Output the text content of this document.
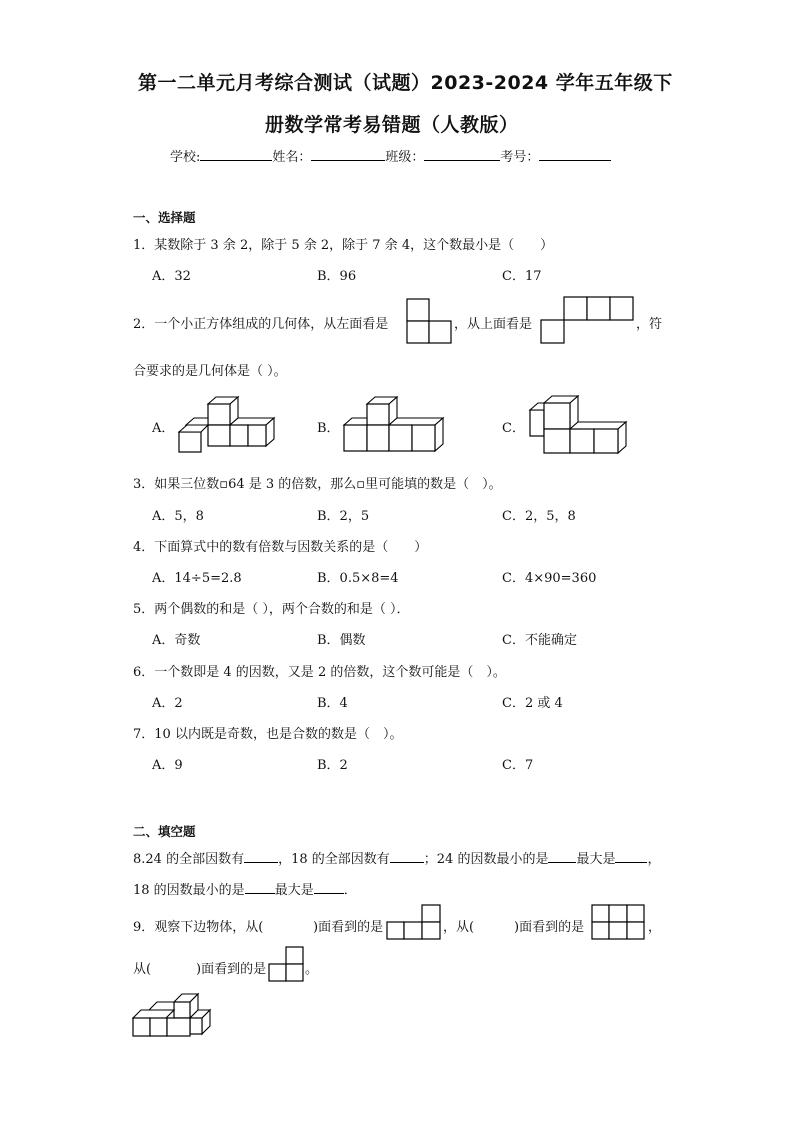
第一二单元月考综合测试（试题）2023-2024 学年五年级下
册数学常考易错题（人教版）
学校:	姓名：	班级：	考号：
一、选择题
1．某数除于 3 余 2，除于 5 余 2，除于 7 余 4，这个数最小是（　　）
A．32	B．96	C．17
2．一个小正方体组成的几何体，从左面看是	，从上面看是	，符
合要求的是几何体是（ ）。
A．	B．	C．
3．如果三位数▫64 是 3 的倍数，那么▫里可能填的数是（　）。
A．5，8	B．2，5	C．2，5，8
4．下面算式中的数有倍数与因数关系的是（　　）
A．14÷5=2.8	B．0.5×8=4	C．4×90=360
5．两个偶数的和是（ ），两个合数的和是（ ）．
A．奇数	B．偶数	C．不能确定
6．一个数即是 4 的因数，又是 2 的倍数，这个数可能是（　）。
A．2	B．4	C．2 或 4
7．10 以内既是奇数，也是合数的数是（　）。
A．9	B．2	C．7
二、填空题
8.24 的全部因数有	，18 的全部因数有	；24 的因数最小的是 最大是 ，
18 的因数最小的是 最大是 ．
9．观察下边物体，从(	)面看到的是	，从(	)面看到的是	，
从(	)面看到的是	。
